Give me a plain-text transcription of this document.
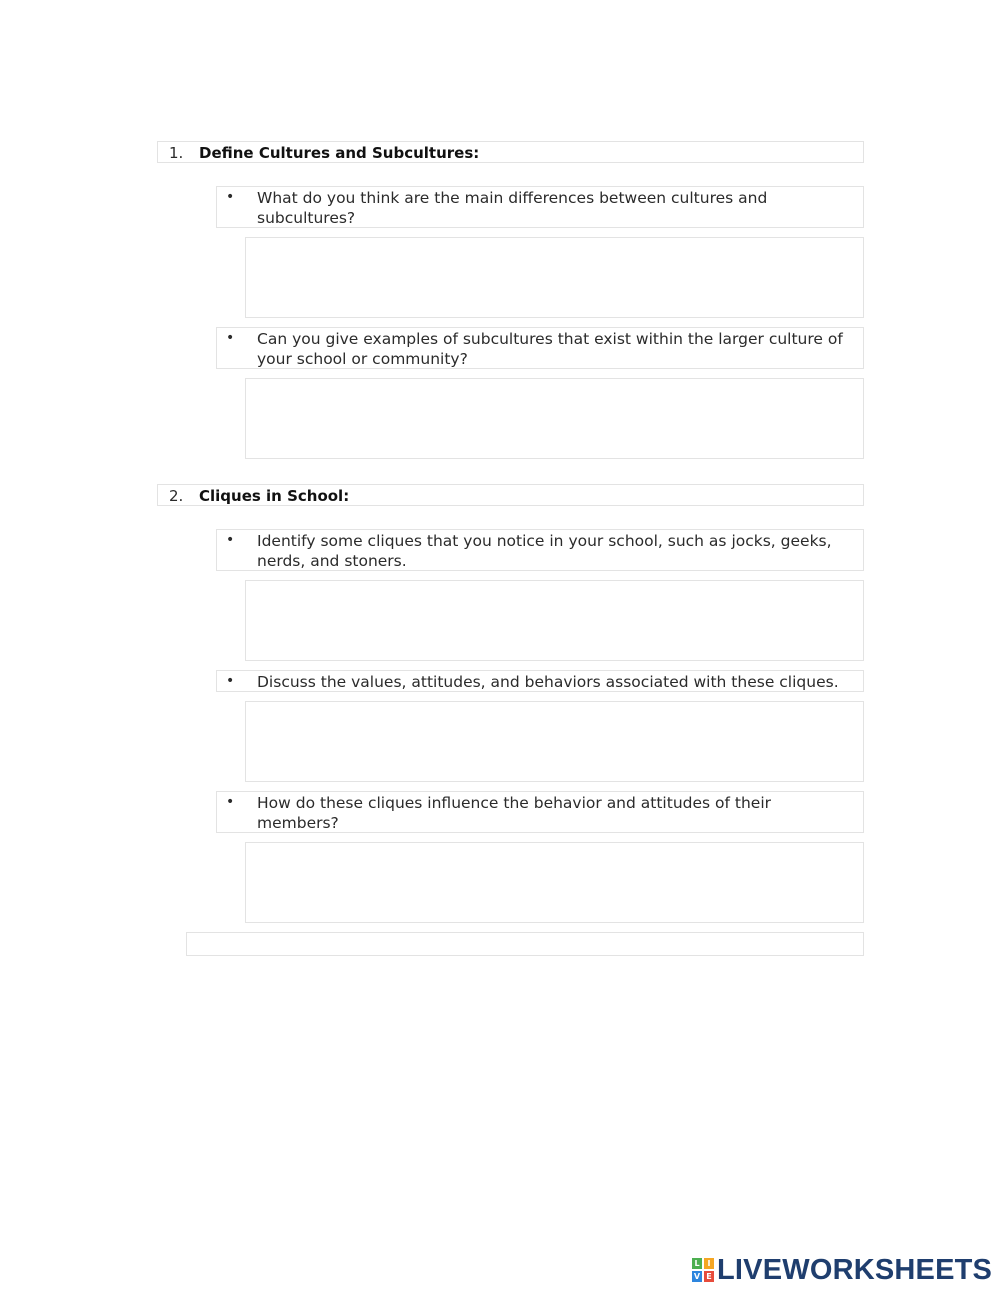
1. Define Cultures and Subcultures:
• What do you think are the main differences between cultures and subcultures?
• Can you give examples of subcultures that exist within the larger culture of your school or community?
2. Cliques in School:
• Identify some cliques that you notice in your school, such as jocks, geeks, nerds, and stoners.
• Discuss the values, attitudes, and behaviors associated with these cliques.
• How do these cliques influence the behavior and attitudes of their members?
L I
V E LIVEWORKSHEETS
